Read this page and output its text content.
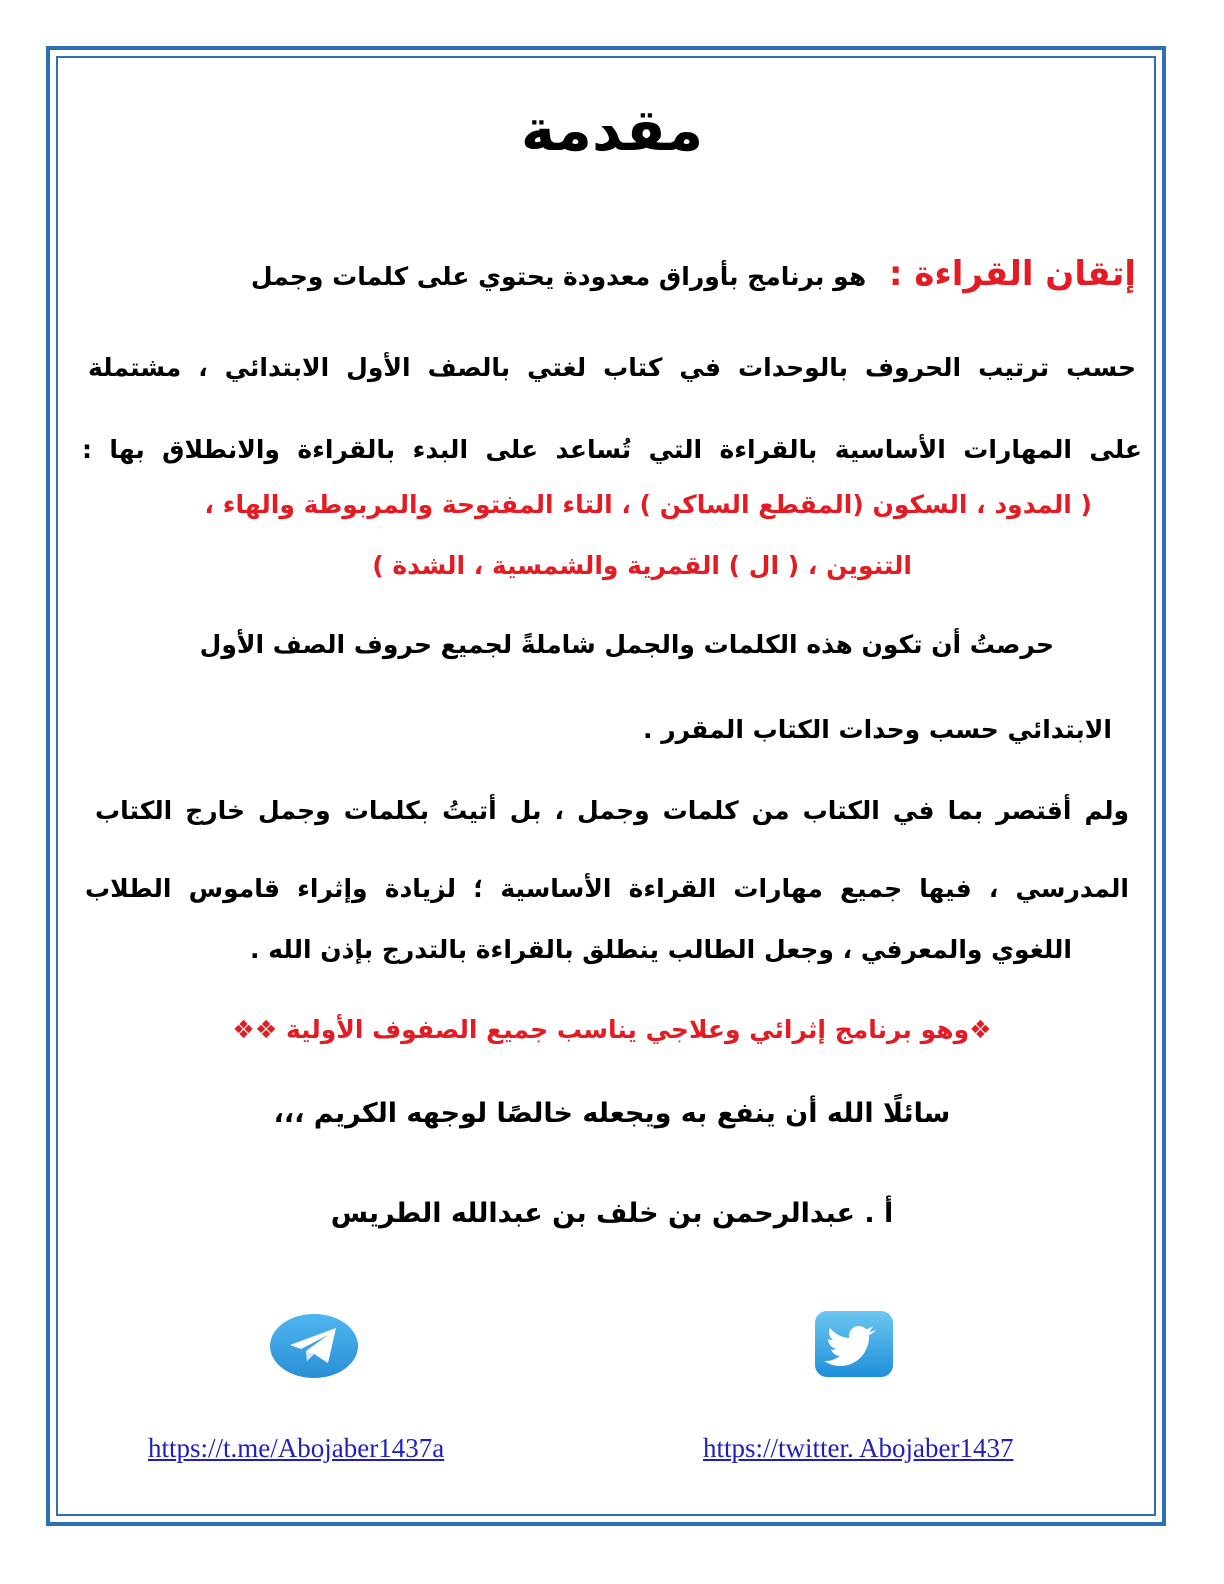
مقدمة
إتقان القراءة : هو برنامج بأوراق معدودة يحتوي على كلمات وجمل
حسب ترتيب الحروف بالوحدات في كتاب لغتي بالصف الأول الابتدائي ، مشتملة
على المهارات الأساسية بالقراءة التي تُساعد على البدء بالقراءة والانطلاق بها :
( المدود ، السكون (المقطع الساكن ) ، التاء المفتوحة والمربوطة والهاء ،
التنوين ، ( ال ) القمرية والشمسية ، الشدة )
حرصتُ أن تكون هذه الكلمات والجمل شاملةً لجميع حروف الصف الأول
الابتدائي حسب وحدات الكتاب المقرر .
ولم أقتصر بما في الكتاب من كلمات وجمل ، بل أتيتُ بكلمات وجمل خارج الكتاب
المدرسي ، فيها جميع مهارات القراءة الأساسية ؛ لزيادة وإثراء قاموس الطلاب
اللغوي والمعرفي ، وجعل الطالب ينطلق بالقراءة بالتدرج بإذن الله .
❖وهو برنامج إثرائي وعلاجي يناسب جميع الصفوف الأولية ❖❖
سائلًا الله أن ينفع به ويجعله خالصًا لوجهه الكريم ،،،
أ . عبدالرحمن بن خلف بن عبدالله الطريس
https://t.me/Abojaber1437a	https://twitter. Abojaber1437
